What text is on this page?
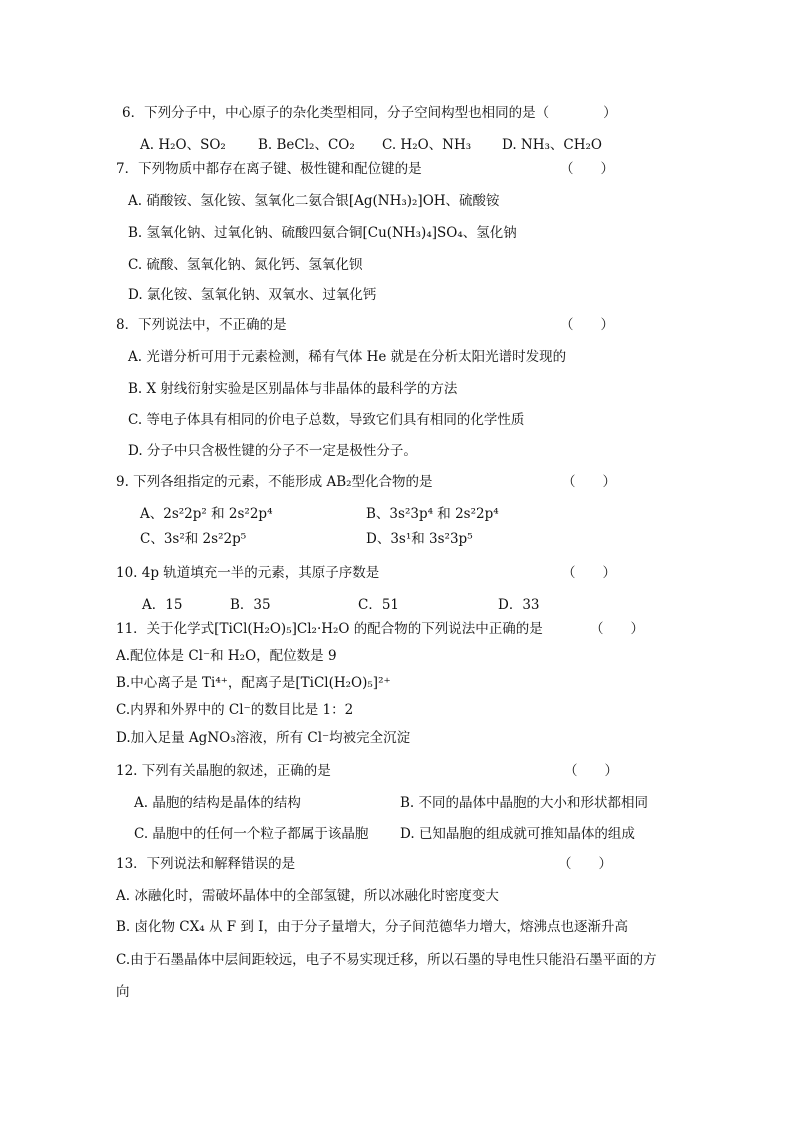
6．下列分子中，中心原子的杂化类型相同，分子空间构型也相同的是（　　　　）
A. H₂O、SO₂ B. BeCl₂、CO₂ C. H₂O、NH₃ D. NH₃、CH₂O
7．下列物质中都存在离子键、极性键和配位键的是	（　　）
A. 硝酸铵、氢化铵、氢氧化二氨合银[Ag(NH₃)₂]OH、硫酸铵
B. 氢氧化钠、过氧化钠、硫酸四氨合铜[Cu(NH₃)₄]SO₄、氢化钠
C. 硫酸、氢氧化钠、氮化钙、氢氧化钡
D. 氯化铵、氢氧化钠、双氧水、过氧化钙
8．下列说法中，不正确的是	（　　）
A. 光谱分析可用于元素检测，稀有气体 He 就是在分析太阳光谱时发现的
B. X 射线衍射实验是区别晶体与非晶体的最科学的方法
C. 等电子体具有相同的价电子总数，导致它们具有相同的化学性质
D. 分子中只含极性键的分子不一定是极性分子。
9. 下列各组指定的元素，不能形成 AB₂型化合物的是	（　　）
A、2s²2p² 和 2s²2p⁴	B、3s²3p⁴ 和 2s²2p⁴
C、3s²和 2s²2p⁵	D、3s¹和 3s²3p⁵
10. 4p 轨道填充一半的元素，其原子序数是	（　　）
A．15	B．35	C．51	D．33
11．关于化学式[TiCl(H₂O)₅]Cl₂·H₂O 的配合物的下列说法中正确的是	（　　）
A.配位体是 Cl⁻和 H₂O，配位数是 9
B.中心离子是 Ti⁴⁺，配离子是[TiCl(H₂O)₅]²⁺
C.内界和外界中的 Cl⁻的数目比是 1：2
D.加入足量 AgNO₃溶液，所有 Cl⁻均被完全沉淀
12. 下列有关晶胞的叙述，正确的是	（　　）
A. 晶胞的结构是晶体的结构	B. 不同的晶体中晶胞的大小和形状都相同
C. 晶胞中的任何一个粒子都属于该晶胞 D. 已知晶胞的组成就可推知晶体的组成
13．下列说法和解释错误的是	（　　）
A. 冰融化时，需破坏晶体中的全部氢键，所以冰融化时密度变大
B. 卤化物 CX₄ 从 F 到 I，由于分子量增大，分子间范德华力增大，熔沸点也逐渐升高
C.由于石墨晶体中层间距较远，电子不易实现迁移，所以石墨的导电性只能沿石墨平面的方
向
